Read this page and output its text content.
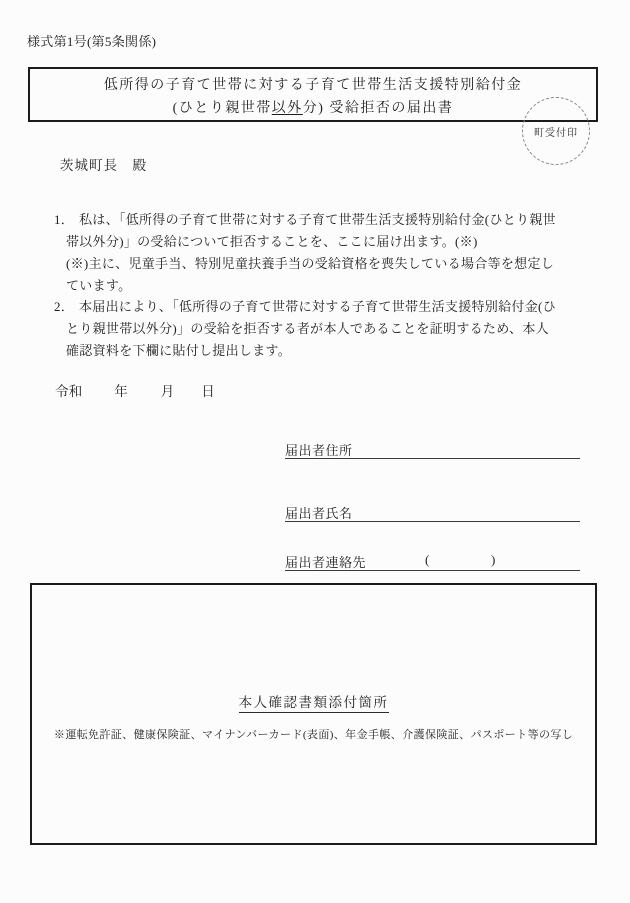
様式第1号(第5条関係)
低所得の子育て世帯に対する子育て世帯生活支援特別給付金
(ひとり親世帯以外分) 受給拒否の届出書
町受付印
茨城町長　殿
1． 私は、「低所得の子育て世帯に対する子育て世帯生活支援特別給付金(ひとり親世
帯以外分)」の受給について拒否することを、ここに届け出ます。(※)
(※)主に、児童手当、特別児童扶養手当の受給資格を喪失している場合等を想定し
ています。
2． 本届出により、「低所得の子育て世帯に対する子育て世帯生活支援特別給付金(ひ
とり親世帯以外分)」の受給を拒否する者が本人であることを証明するため、本人
確認資料を下欄に貼付し提出します。
令和 年 月 日
届出者住所
届出者氏名
届出者連絡先	(	)
本人確認書類添付箇所
※運転免許証、健康保険証、マイナンバーカード(表面)、年金手帳、介護保険証、パスポート等の写し
